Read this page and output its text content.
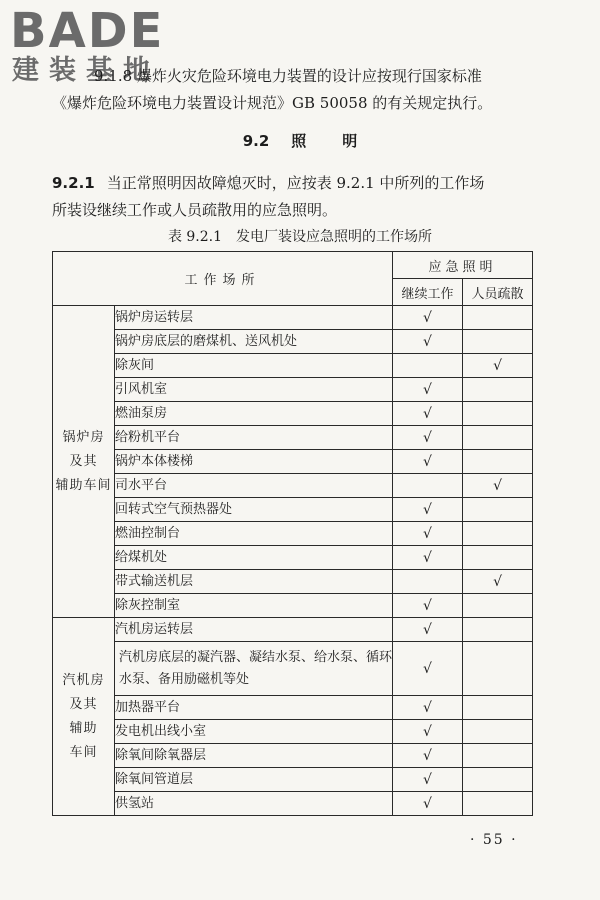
BADE
建装基地

9.1.8 爆炸火灾危险环境电力装置的设计应按现行国家标准

《爆炸危险环境电力装置设计规范》GB 50058 的有关规定执行。

9.2 照 明

9.2.1 当正常照明因故障熄灭时，应按表 9.2.1 中所列的工作场

所装设继续工作或人员疏散用的应急照明。

表 9.2.1 发电厂装设应急照明的工作场所
工作场所		应急照明	
		继续工作	人员疏散

锅炉房
及其
辅助车间	锅炉房运转层	√	

	锅炉房底层的磨煤机、送风机处	√	

	除灰间		√

	引风机室	√	

	燃油泵房	√	

	给粉机平台	√	

	锅炉本体楼梯	√	

	司水平台		√

	回转式空气预热器处	√	

	燃油控制台	√	

	给煤机处	√	

	带式输送机层		√

	除灰控制室	√	

汽机房
及其
辅助
车间	汽机房运转层	√	

	汽机房底层的凝汽器、凝结水泵、给水泵、循环
水泵、备用励磁机等处	√	

	加热器平台	√	

	发电机出线小室	√	

	除氧间除氧器层	√	

	除氧间管道层	√	

	供氢站	√	
· 55 ·
